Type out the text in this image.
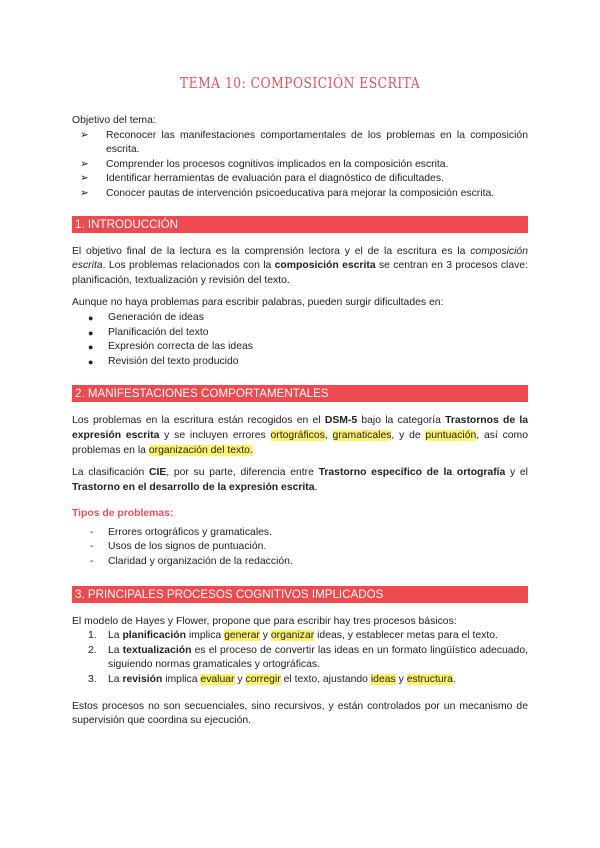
TEMA 10: COMPOSICIÓN ESCRITA

Objetivo del tema:

➢ Reconocer las manifestaciones comportamentales de los problemas en la composición escrita.
➢ Comprender los procesos cognitivos implicados en la composición escrita.
➢ Identificar herramientas de evaluación para el diagnóstico de dificultades.
➢ Conocer pautas de intervención psicoeducativa para mejorar la composición escrita.
1. INTRODUCCIÓN

El objetivo final de la lectura es la comprensión lectora y el de la escritura es la composición escrita. Los problemas relacionados con la composición escrita se centran en 3 procesos clave: planificación, textualización y revisión del texto.

Aunque no haya problemas para escribir palabras, pueden surgir dificultades en:

● Generación de ideas
● Planificación del texto
● Expresión correcta de las ideas
● Revisión del texto producido
2. MANIFESTACIONES COMPORTAMENTALES

Los problemas en la escritura están recogidos en el DSM-5 bajo la categoría Trastornos de la expresión escrita y se incluyen errores ortográficos, gramaticales, y de puntuación, así como problemas en la organización del texto.

La clasificación CIE, por su parte, diferencia entre Trastorno específico de la ortografía y el Trastorno en el desarrollo de la expresión escrita.

Tipos de problemas:

- Errores ortográficos y gramaticales.
- Usos de los signos de puntuación.
- Claridad y organización de la redacción.
3. PRINCIPALES PROCESOS COGNITIVOS IMPLICADOS

El modelo de Hayes y Flower, propone que para escribir hay tres procesos básicos:

1. La planificación implica generar y organizar ideas, y establecer metas para el texto.
2. La textualización es el proceso de convertir las ideas en un formato lingüístico adecuado, siguiendo normas gramaticales y ortográficas.
3. La revisión implica evaluar y corregir el texto, ajustando ideas y estructura.

Estos procesos no son secuenciales, sino recursivos, y están controlados por un mecanismo de supervisión que coordina su ejecución.
